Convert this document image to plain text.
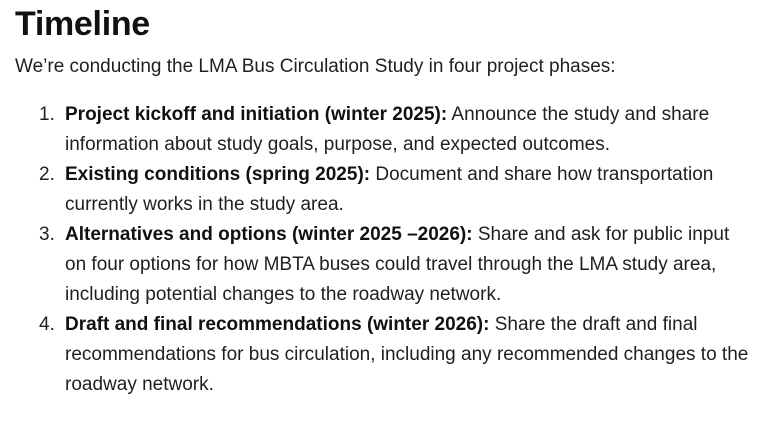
Timeline

We’re conducting the LMA Bus Circulation Study in four project phases:

1. Project kickoff and initiation (winter 2025): Announce the study and share information about study goals, purpose, and expected outcomes.
2. Existing conditions (spring 2025): Document and share how transportation currently works in the study area.
3. Alternatives and options (winter 2025 –2026): Share and ask for public input on four options for how MBTA buses could travel through the LMA study area, including potential changes to the roadway network.
4. Draft and final recommendations (winter 2026): Share the draft and final recommendations for bus circulation, including any recommended changes to the roadway network.
